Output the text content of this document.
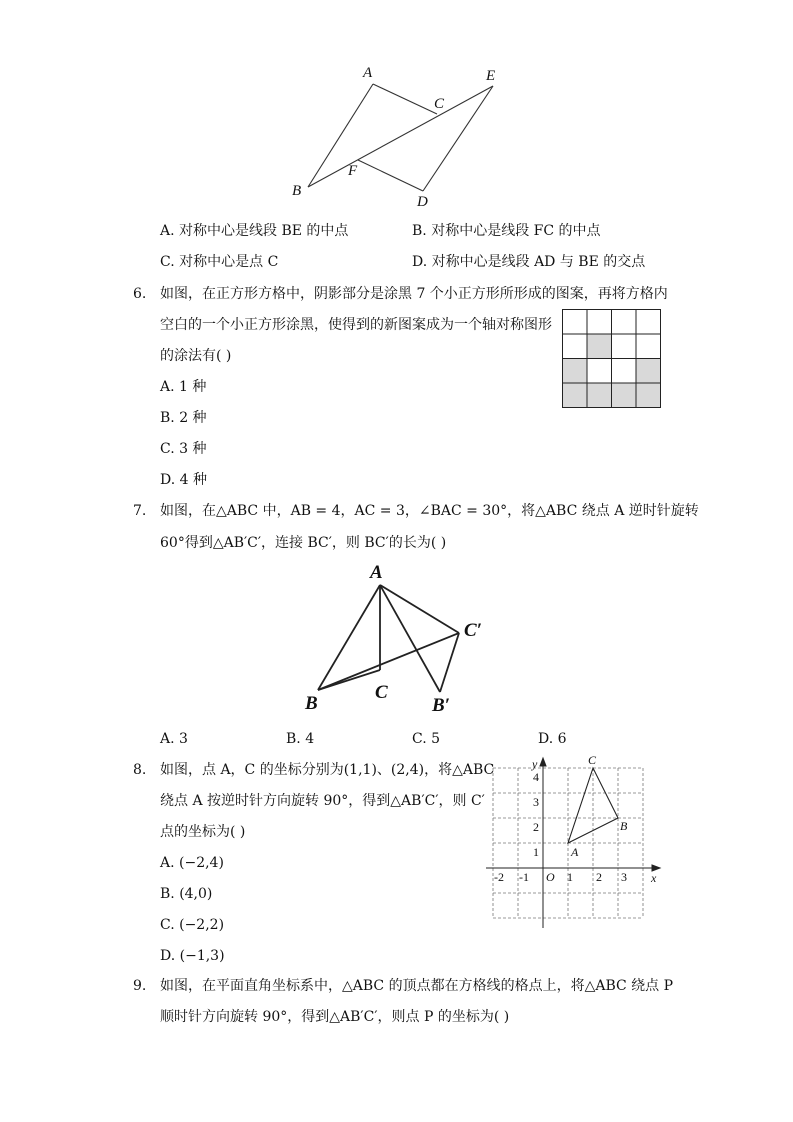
A
C
E
B
F
D
A. 对称中心是线段 BE 的中点	B. 对称中心是线段 FC 的中点
C. 对称中心是点 C	D. 对称中心是线段 AD 与 BE 的交点
6. 如图，在正方形方格中，阴影部分是涂黑 7 个小正方形所形成的图案，再将方格内
空白的一个小正方形涂黑，使得到的新图案成为一个轴对称图形
的涂法有( )
A. 1 种
B. 2 种
C. 3 种
D. 4 种
7. 如图，在△ABC 中，AB = 4，AC = 3，∠BAC = 30°，将△ABC 绕点 A 逆时针旋转
60°得到△AB′C′，连接 BC′，则 BC′的长为( )
A
C′
B
C
B′
A. 3	B. 4	C. 5	D. 6
8. 如图，点 A，C 的坐标分别为(1,1)、(2,4)，将△ABC
绕点 A 按逆时针方向旋转 90°，得到△AB′C′，则 C′
点的坐标为( )
A. (−2,4)
B. (4,0)
C. (−2,2)
D. (−1,3)
y
x
O
-2 -1	1 2 3
1
2
3
4
A
B
C
9. 如图，在平面直角坐标系中，△ABC 的顶点都在方格线的格点上，将△ABC 绕点 P
顺时针方向旋转 90°，得到△AB′C′，则点 P 的坐标为( )
